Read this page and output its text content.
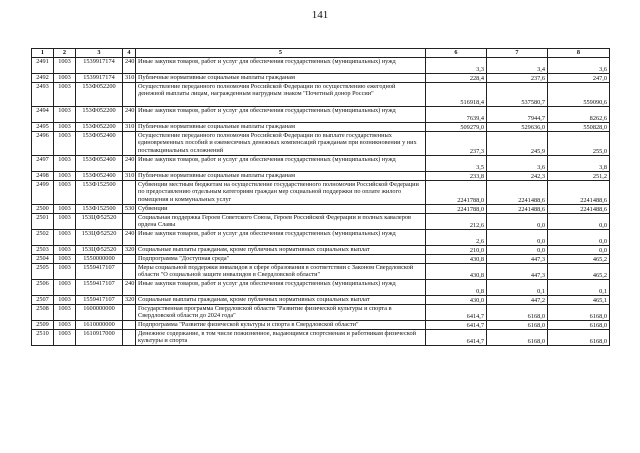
141
1	2	3	4	5	6	7	8
2491	1003	1539917174	240	Иные закупки товаров, работ и услуг для обеспечения государственных (муниципальных) нужд	3,3	3,4	3,6
2492	1003	1539917174	310	Публичные нормативные социальные выплаты гражданам	228,4	237,6	247,0
2493	1003	153Ф052200		Осуществление переданного полномочия Российской Федерации по осуществлению ежегодной денежной выплаты лицам, награжденным нагрудным знаком "Почетный донор России"	516918,4	537580,7	559090,6
2494	1003	153Ф052200	240	Иные закупки товаров, работ и услуг для обеспечения государственных (муниципальных) нужд	7639,4	7944,7	8262,6
2495	1003	153Ф052200	310	Публичные нормативные социальные выплаты гражданам	509279,0	529636,0	550828,0
2496	1003	153Ф052400		Осуществление переданного полномочия Российской Федерации по выплате государственных единовременных пособий и ежемесячных денежных компенсаций гражданам при возникновении у них поствакцинальных осложнений	237,3	245,9	255,0
2497	1003	153Ф052400	240	Иные закупки товаров, работ и услуг для обеспечения государственных (муниципальных) нужд	3,5	3,6	3,8
2498	1003	153Ф052400	310	Публичные нормативные социальные выплаты гражданам	233,8	242,3	251,2
2499	1003	153Ф152500		Субвенции местным бюджетам на осуществление государственного полномочия Российской Федерации по предоставлению отдельным категориям граждан мер социальной поддержки по оплате жилого помещения и коммунальных услуг	2241788,0	2241488,6	2241488,6
2500	1003	153Ф152500	530	Субвенции	2241788,0	2241488,6	2241488,6
2501	1003	153ЦФ52520		Социальная поддержка Героев Советского Союза, Героев Российской Федерации и полных кавалеров ордена Славы	212,6	0,0	0,0
2502	1003	153ЦФ52520	240	Иные закупки товаров, работ и услуг для обеспечения государственных (муниципальных) нужд	2,6	0,0	0,0
2503	1003	153ЦФ52520	320	Социальные выплаты гражданам, кроме публичных нормативных социальных выплат	210,0	0,0	0,0
2504	1003	1550000000		Подпрограмма "Доступная среда"	430,8	447,3	465,2
2505	1003	1559417107		Меры социальной поддержки инвалидов в сфере образования в соответствии с Законом Свердловской области "О социальной защите инвалидов в Свердловской области"	430,8	447,3	465,2
2506	1003	1559417107	240	Иные закупки товаров, работ и услуг для обеспечения государственных (муниципальных) нужд	0,8	0,1	0,1
2507	1003	1559417107	320	Социальные выплаты гражданам, кроме публичных нормативных социальных выплат	430,0	447,2	465,1
2508	1003	1600000000		Государственная программа Свердловской области "Развитие физической культуры и спорта в Свердловской области до 2024 года"	6414,7	6168,0	6168,0
2509	1003	1610000000		Подпрограмма "Развитие физической культуры и спорта в Свердловской области"	6414,7	6168,0	6168,0
2510	1003	1610917000		Денежное содержание, в том числе пожизненное, выдающимся спортсменам и работникам физической культуры и спорта	6414,7	6168,0	6168,0
